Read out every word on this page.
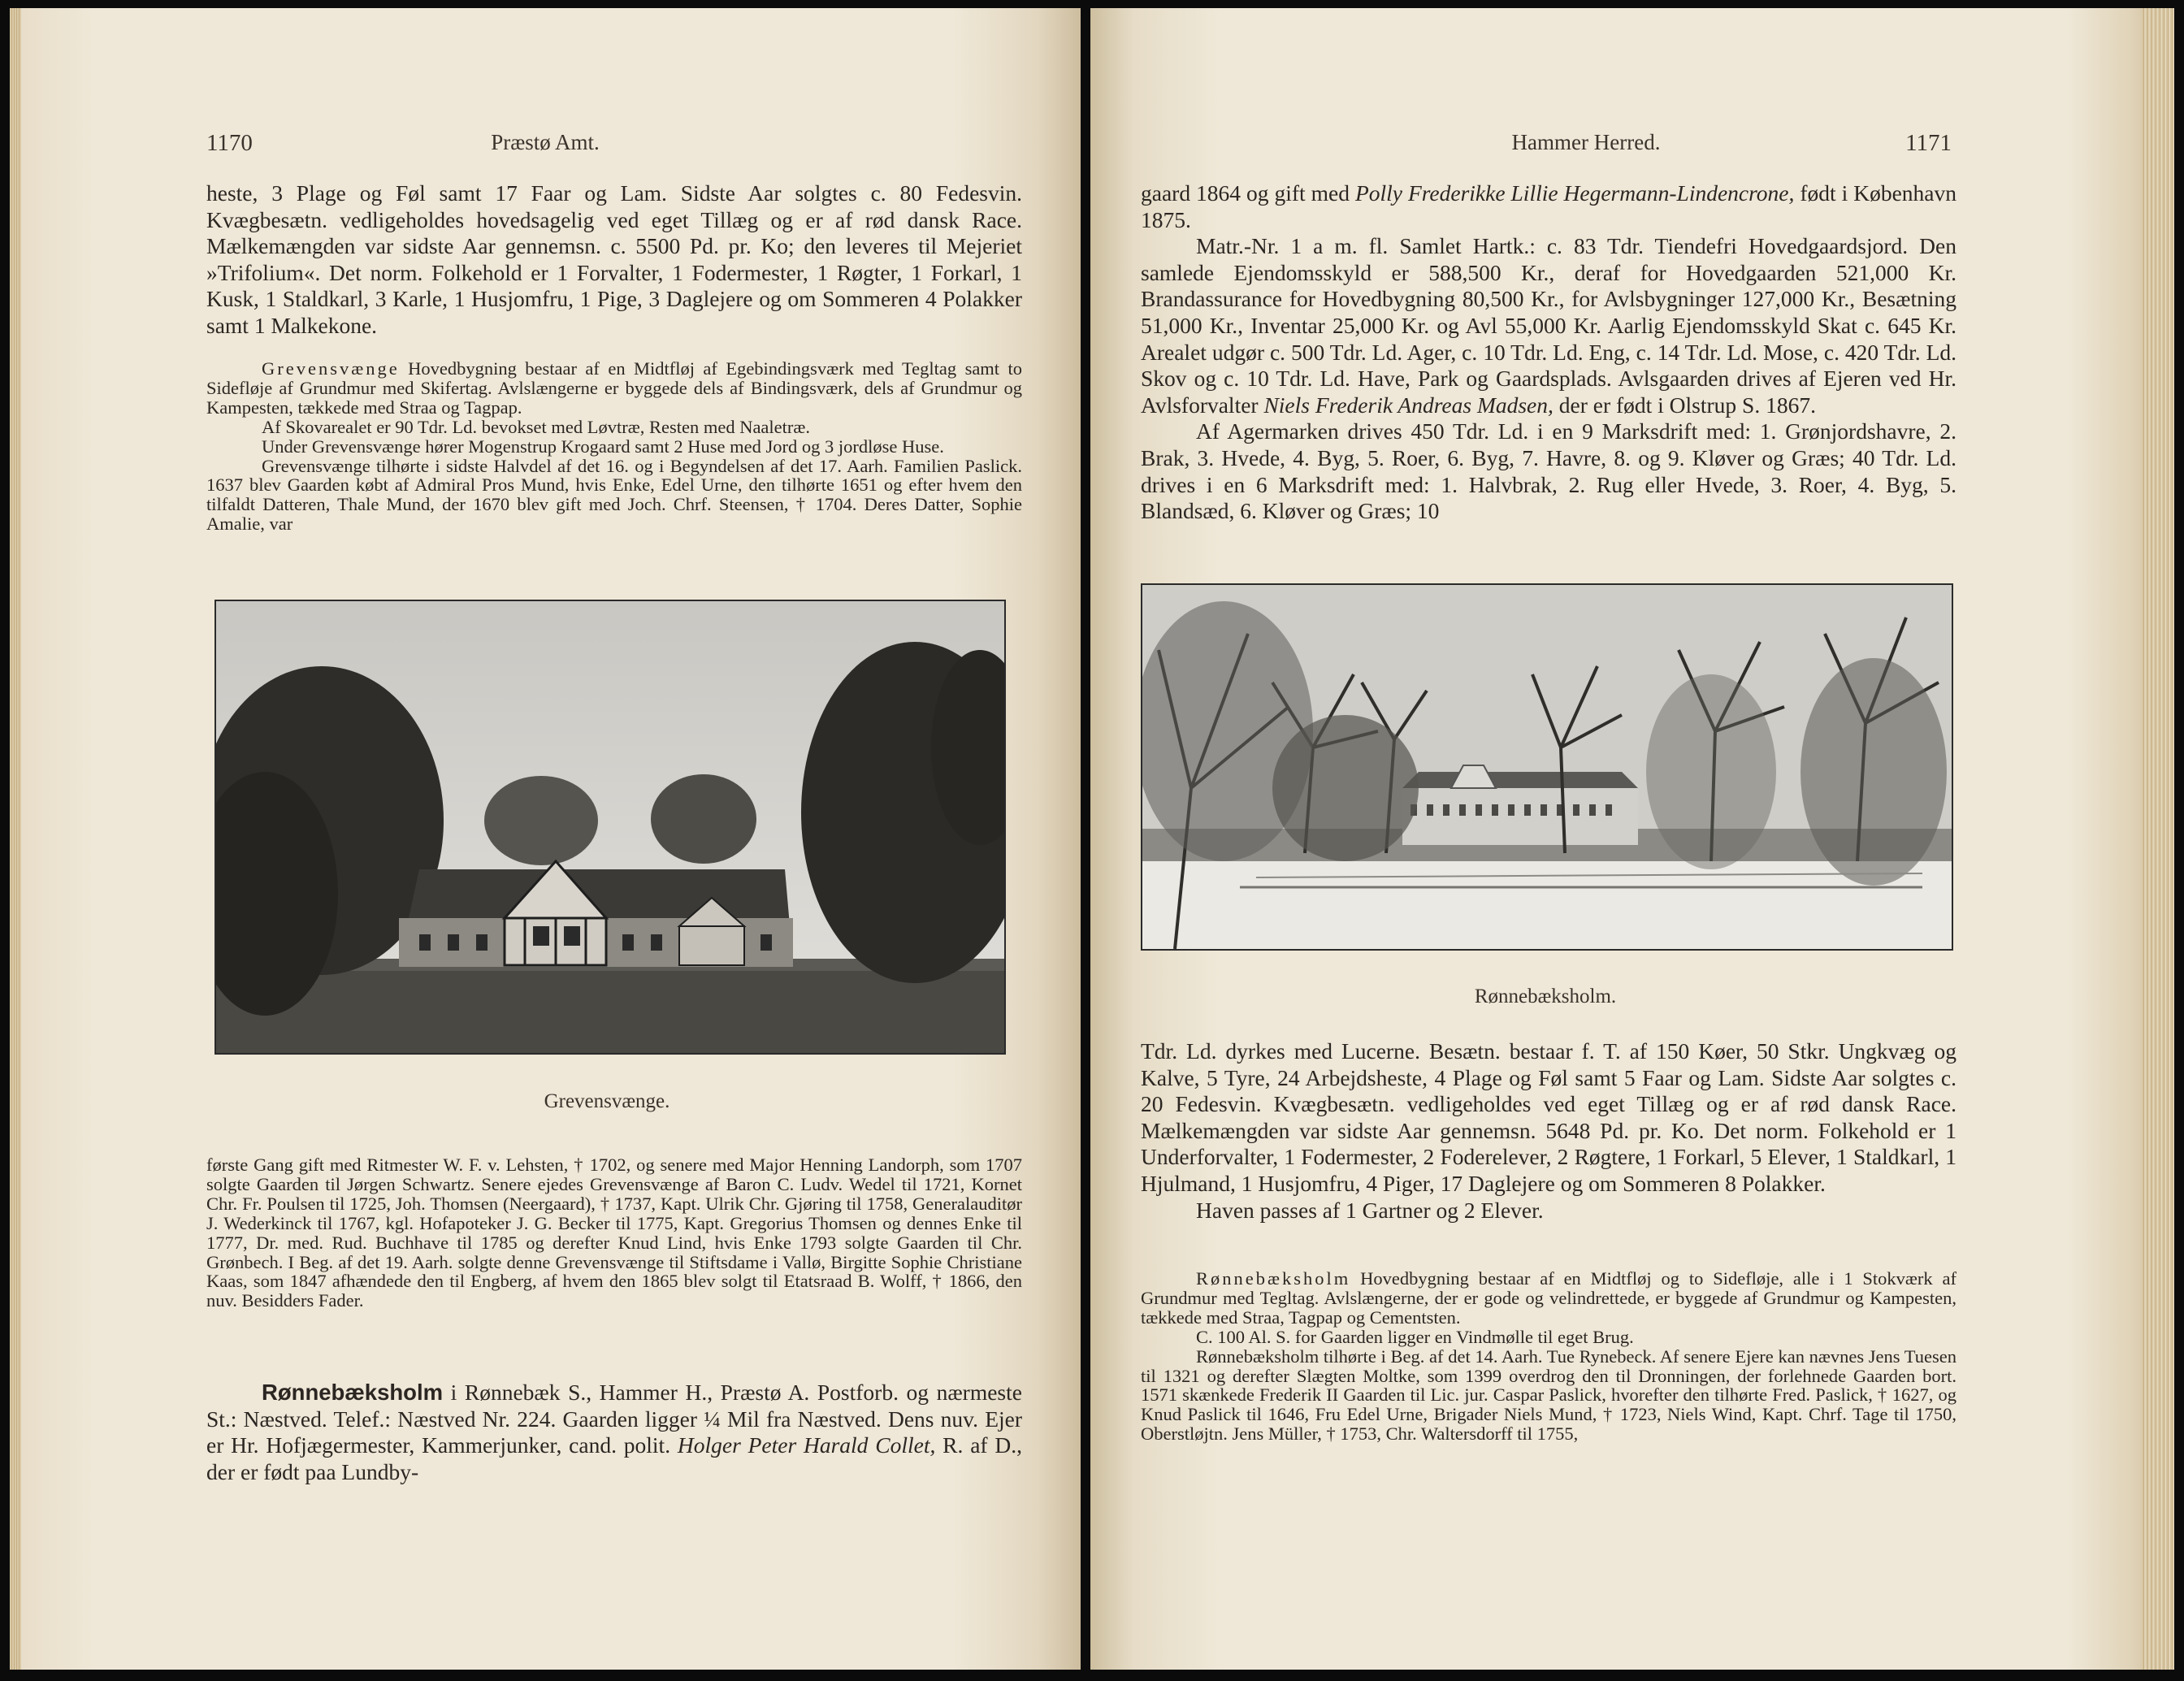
1170	Præstø Amt.

heste, 3 Plage og Føl samt 17 Faar og Lam. Sidste Aar solgtes c. 80 Fedesvin. Kvægbesætn. vedligeholdes hovedsagelig ved eget Tillæg og er af rød dansk Race. Mælkemængden var sidste Aar gennemsn. c. 5500 Pd. pr. Ko; den leveres til Mejeriet »Trifolium«. Det norm. Folkehold er 1 Forvalter, 1 Fodermester, 1 Røgter, 1 Forkarl, 1 Kusk, 1 Staldkarl, 3 Karle, 1 Husjomfru, 1 Pige, 3 Daglejere og om Sommeren 4 Polakker samt 1 Malkekone.

Grevensvænge Hovedbygning bestaar af en Midtfløj af Egebindingsværk med Tegltag samt to Sidefløje af Grundmur med Skifertag. Avlslængerne er byggede dels af Bindingsværk, dels af Grundmur og Kampesten, tækkede med Straa og Tagpap.

Af Skovarealet er 90 Tdr. Ld. bevokset med Løvtræ, Resten med Naaletræ.

Under Grevensvænge hører Mogenstrup Krogaard samt 2 Huse med Jord og 3 jordløse Huse.

Grevensvænge tilhørte i sidste Halvdel af det 16. og i Begyndelsen af det 17. Aarh. Familien Paslick. 1637 blev Gaarden købt af Admiral Pros Mund, hvis Enke, Edel Urne, den tilhørte 1651 og efter hvem den tilfaldt Datteren, Thale Mund, der 1670 blev gift med Joch. Chrf. Steensen, † 1704. Deres Datter, Sophie Amalie, var

Grevensvænge.

første Gang gift med Ritmester W. F. v. Lehsten, † 1702, og senere med Major Henning Landorph, som 1707 solgte Gaarden til Jørgen Schwartz. Senere ejedes Grevensvænge af Baron C. Ludv. Wedel til 1721, Kornet Chr. Fr. Poulsen til 1725, Joh. Thomsen (Neergaard), † 1737, Kapt. Ulrik Chr. Gjøring til 1758, Generalauditør J. Wederkinck til 1767, kgl. Hofapoteker J. G. Becker til 1775, Kapt. Gregorius Thomsen og dennes Enke til 1777, Dr. med. Rud. Buchhave til 1785 og derefter Knud Lind, hvis Enke 1793 solgte Gaarden til Chr. Grønbech. I Beg. af det 19. Aarh. solgte denne Grevensvænge til Stiftsdame i Vallø, Birgitte Sophie Christiane Kaas, som 1847 afhændede den til Engberg, af hvem den 1865 blev solgt til Etatsraad B. Wolff, † 1866, den nuv. Besidders Fader.

Rønnebæksholm i Rønnebæk S., Hammer H., Præstø A. Postforb. og nærmeste St.: Næstved. Telef.: Næstved Nr. 224. Gaarden ligger ¼ Mil fra Næstved. Dens nuv. Ejer er Hr. Hofjægermester, Kammerjunker, cand. polit. Holger Peter Harald Collet, R. af D., der er født paa Lundby-

Hammer Herred.	1171

gaard 1864 og gift med Polly Frederikke Lillie Hegermann-Lindencrone, født i København 1875.

Matr.-Nr. 1 a m. fl. Samlet Hartk.: c. 83 Tdr. Tiendefri Hovedgaardsjord. Den samlede Ejendomsskyld er 588,500 Kr., deraf for Hovedgaarden 521,000 Kr. Brandassurance for Hovedbygning 80,500 Kr., for Avlsbygninger 127,000 Kr., Besætning 51,000 Kr., Inventar 25,000 Kr. og Avl 55,000 Kr. Aarlig Ejendomsskyld Skat c. 645 Kr. Arealet udgør c. 500 Tdr. Ld. Ager, c. 10 Tdr. Ld. Eng, c. 14 Tdr. Ld. Mose, c. 420 Tdr. Ld. Skov og c. 10 Tdr. Ld. Have, Park og Gaardsplads. Avlsgaarden drives af Ejeren ved Hr. Avlsforvalter Niels Frederik Andreas Madsen, der er født i Olstrup S. 1867.

Af Agermarken drives 450 Tdr. Ld. i en 9 Marksdrift med: 1. Grønjordshavre, 2. Brak, 3. Hvede, 4. Byg, 5. Roer, 6. Byg, 7. Havre, 8. og 9. Kløver og Græs; 40 Tdr. Ld. drives i en 6 Marksdrift med: 1. Halvbrak, 2. Rug eller Hvede, 3. Roer, 4. Byg, 5. Blandsæd, 6. Kløver og Græs; 10

Rønnebæksholm.

Tdr. Ld. dyrkes med Lucerne. Besætn. bestaar f. T. af 150 Køer, 50 Stkr. Ungkvæg og Kalve, 5 Tyre, 24 Arbejdsheste, 4 Plage og Føl samt 5 Faar og Lam. Sidste Aar solgtes c. 20 Fedesvin. Kvægbesætn. vedligeholdes ved eget Tillæg og er af rød dansk Race. Mælkemængden var sidste Aar gennemsn. 5648 Pd. pr. Ko. Det norm. Folkehold er 1 Underforvalter, 1 Fodermester, 2 Foderelever, 2 Røgtere, 1 Forkarl, 5 Elever, 1 Staldkarl, 1 Hjulmand, 1 Husjomfru, 4 Piger, 17 Daglejere og om Sommeren 8 Polakker.

Haven passes af 1 Gartner og 2 Elever.

Rønnebæksholm Hovedbygning bestaar af en Midtfløj og to Sidefløje, alle i 1 Stokværk af Grundmur med Tegltag. Avlslængerne, der er gode og velindrettede, er byggede af Grundmur og Kampesten, tækkede med Straa, Tagpap og Cementsten.

C. 100 Al. S. for Gaarden ligger en Vindmølle til eget Brug.

Rønnebæksholm tilhørte i Beg. af det 14. Aarh. Tue Rynebeck. Af senere Ejere kan nævnes Jens Tuesen til 1321 og derefter Slægten Moltke, som 1399 overdrog den til Dronningen, der forlehnede Gaarden bort. 1571 skænkede Frederik II Gaarden til Lic. jur. Caspar Paslick, hvorefter den tilhørte Fred. Paslick, † 1627, og Knud Paslick til 1646, Fru Edel Urne, Brigader Niels Mund, † 1723, Niels Wind, Kapt. Chrf. Tage til 1750, Oberstløjtn. Jens Müller, † 1753, Chr. Waltersdorff til 1755,
